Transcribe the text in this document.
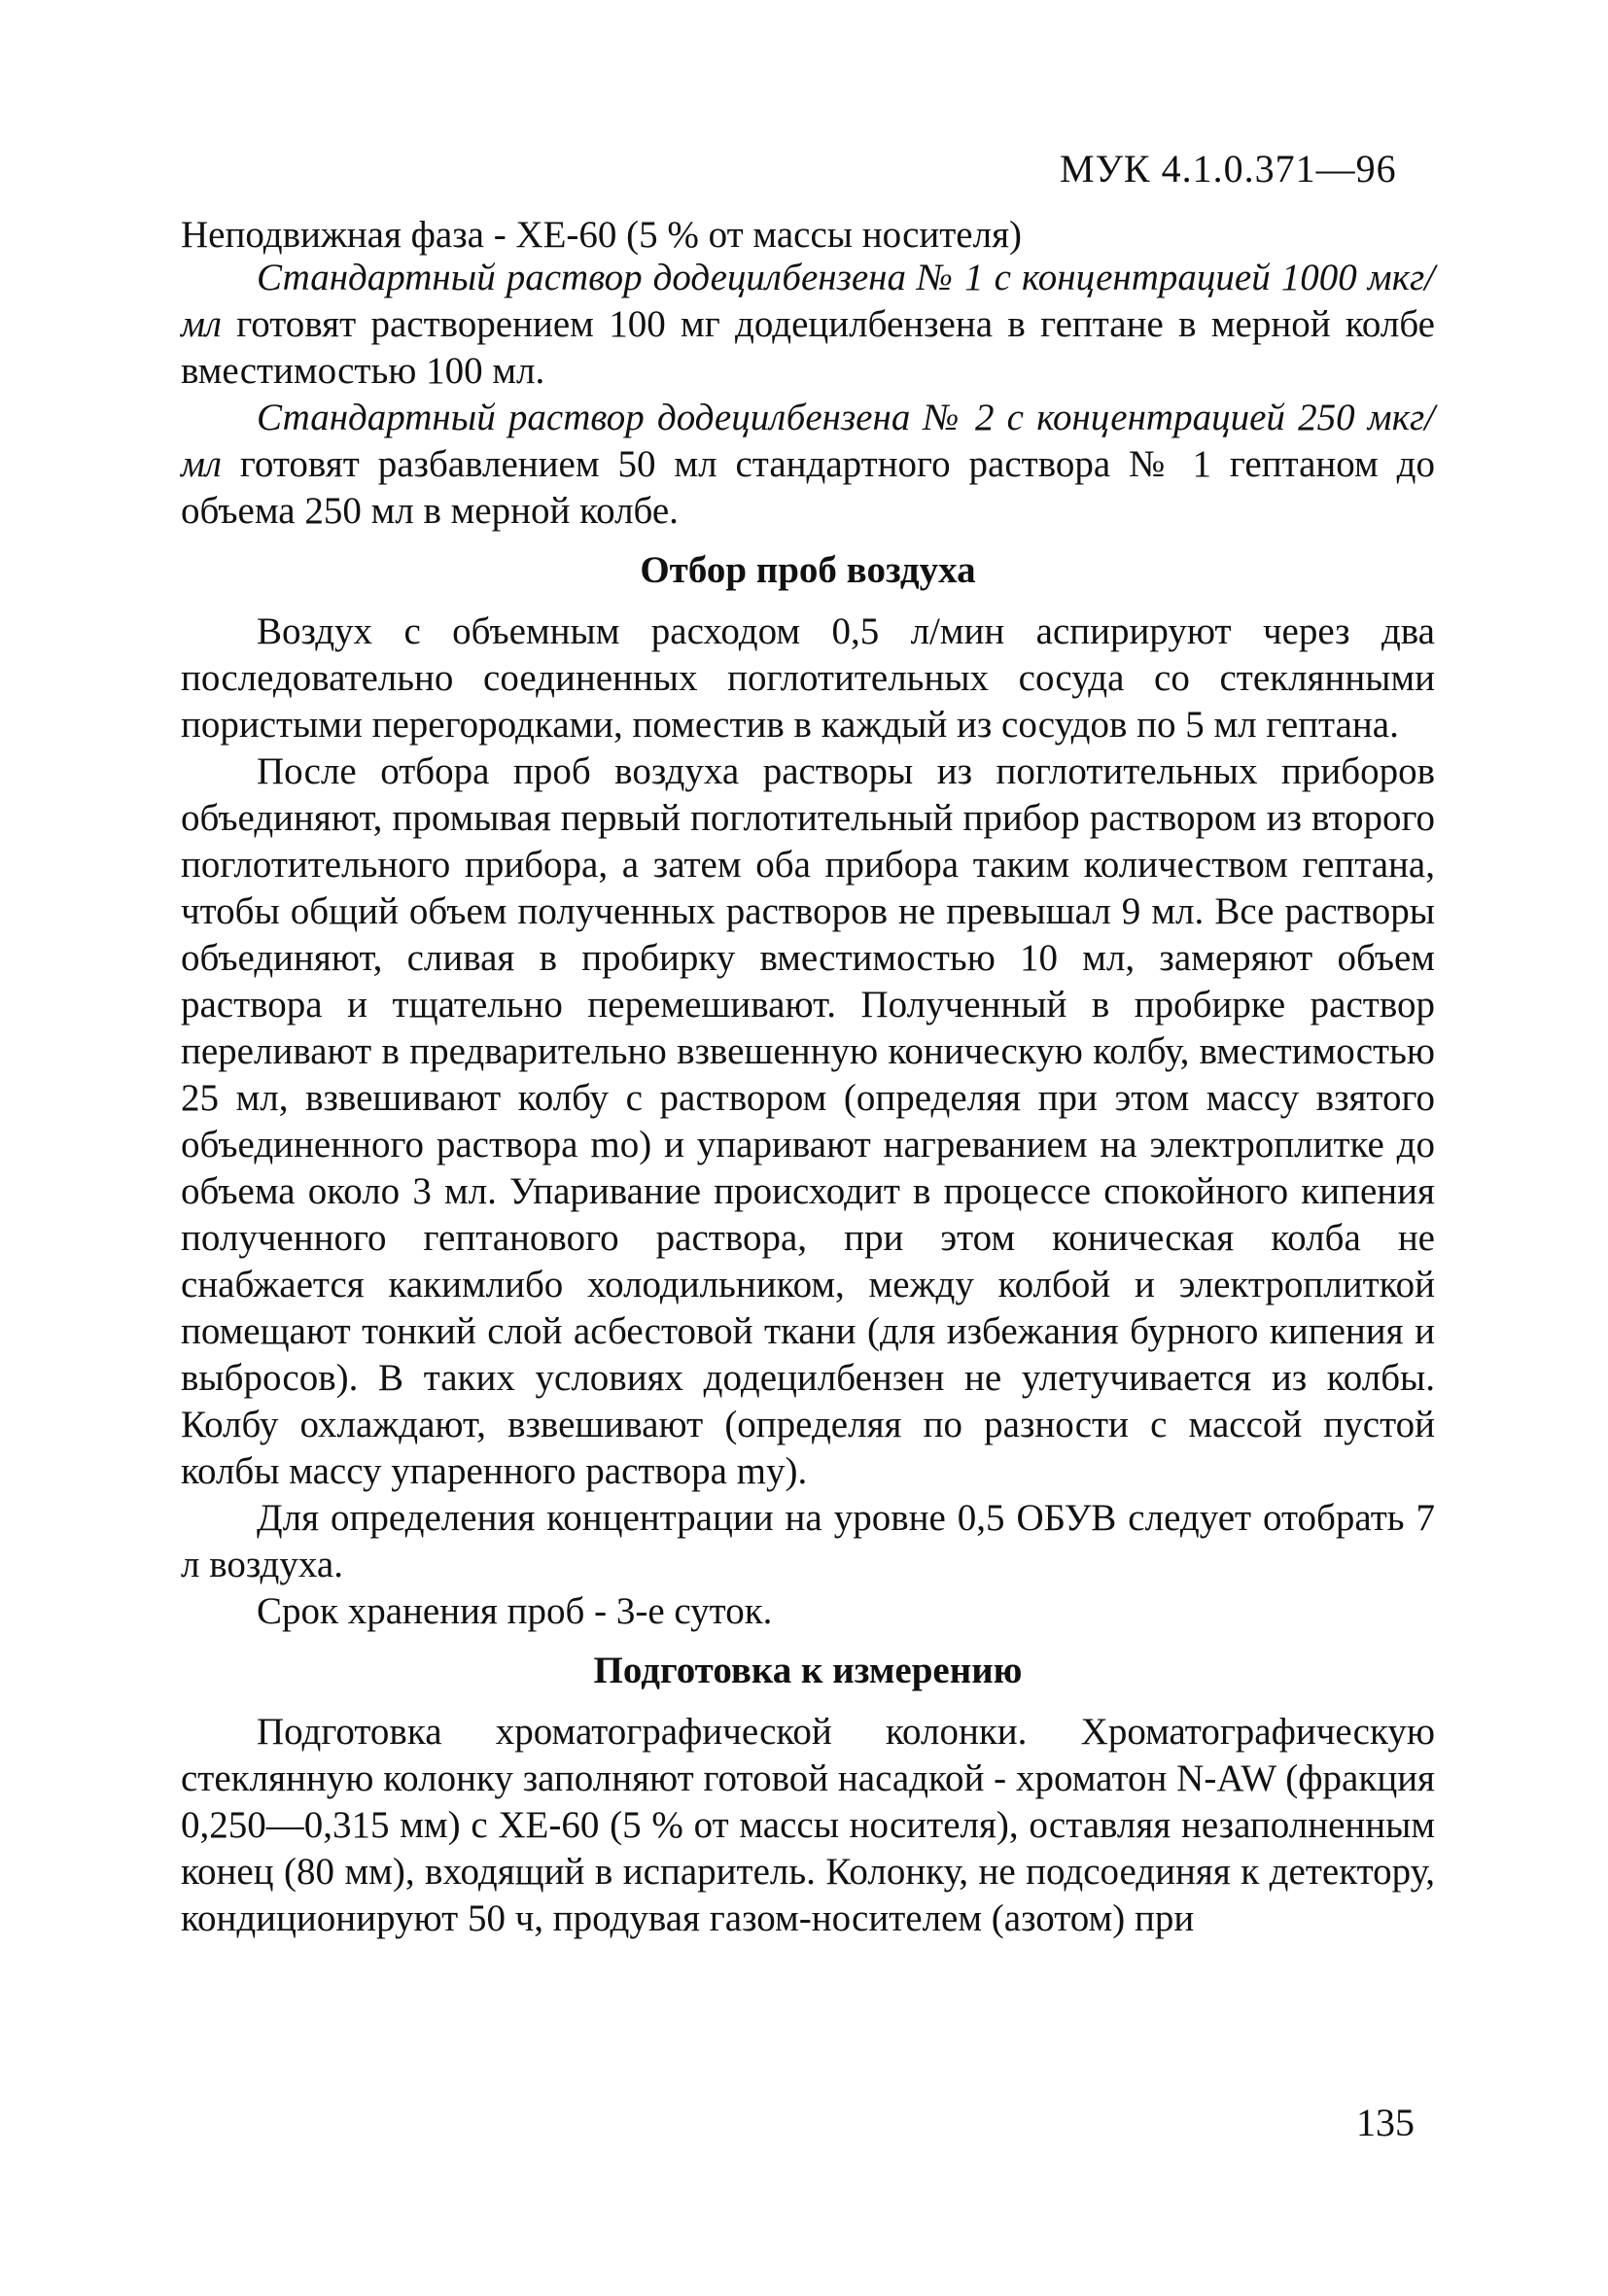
МУК 4.1.0.371—96

Неподвижная фаза - ХЕ-60 (5 % от массы носителя)

Стандартный раствор додецилбензена № 1 с концентрацией 1000 мкг/мл готовят растворением 100 мг додецилбензена в гептане в мерной колбе вместимостью 100 мл.

Стандартный раствор додецилбензена № 2 с концентрацией 250 мкг/мл готовят разбавлением 50 мл стандартного раствора № 1 гептаном до объема 250 мл в мерной колбе.

Отбор проб воздуха

Воздух с объемным расходом 0,5 л/мин аспирируют через два последовательно соединенных поглотительных сосуда со стеклянными пористыми перегородками, поместив в каждый из сосудов по 5 мл гептана.

После отбора проб воздуха растворы из поглотительных приборов объединяют, промывая первый поглотительный прибор раствором из второго поглотительного прибора, а затем оба прибора таким количеством гептана, чтобы общий объем полученных растворов не превышал 9 мл. Все растворы объединяют, сливая в пробирку вместимостью 10 мл, замеряют объем раствора и тщательно перемешивают. Полученный в пробирке раствор переливают в предварительно взвешенную коническую колбу, вместимостью 25 мл, взвешивают колбу с раствором (определяя при этом массу взятого объединенного раствора mo) и упаривают нагреванием на электроплитке до объема около 3 мл. Упаривание происходит в процессе спокойного кипения полученного гептанового раствора, при этом коническая колба не снабжается какимлибо холодильником, между колбой и электроплиткой помещают тонкий слой асбестовой ткани (для избежания бурного кипения и выбросов). В таких условиях додецилбензен не улетучивается из колбы. Колбу охлаждают, взвешивают (определяя по разности с массой пустой колбы массу упаренного раствора my).

Для определения концентрации на уровне 0,5 ОБУВ следует отобрать 7 л воздуха.

Срок хранения проб - 3-е суток.

Подготовка к измерению

Подготовка хроматографической колонки. Хроматографическую стеклянную колонку заполняют готовой насадкой - хроматон N-AW (фракция 0,250—0,315 мм) с ХЕ-60 (5 % от массы носителя), оставляя незаполненным конец (80 мм), входящий в испаритель. Колонку, не подсоединяя к детектору, кондиционируют 50 ч, продувая газом-носителем (азотом) при

135
